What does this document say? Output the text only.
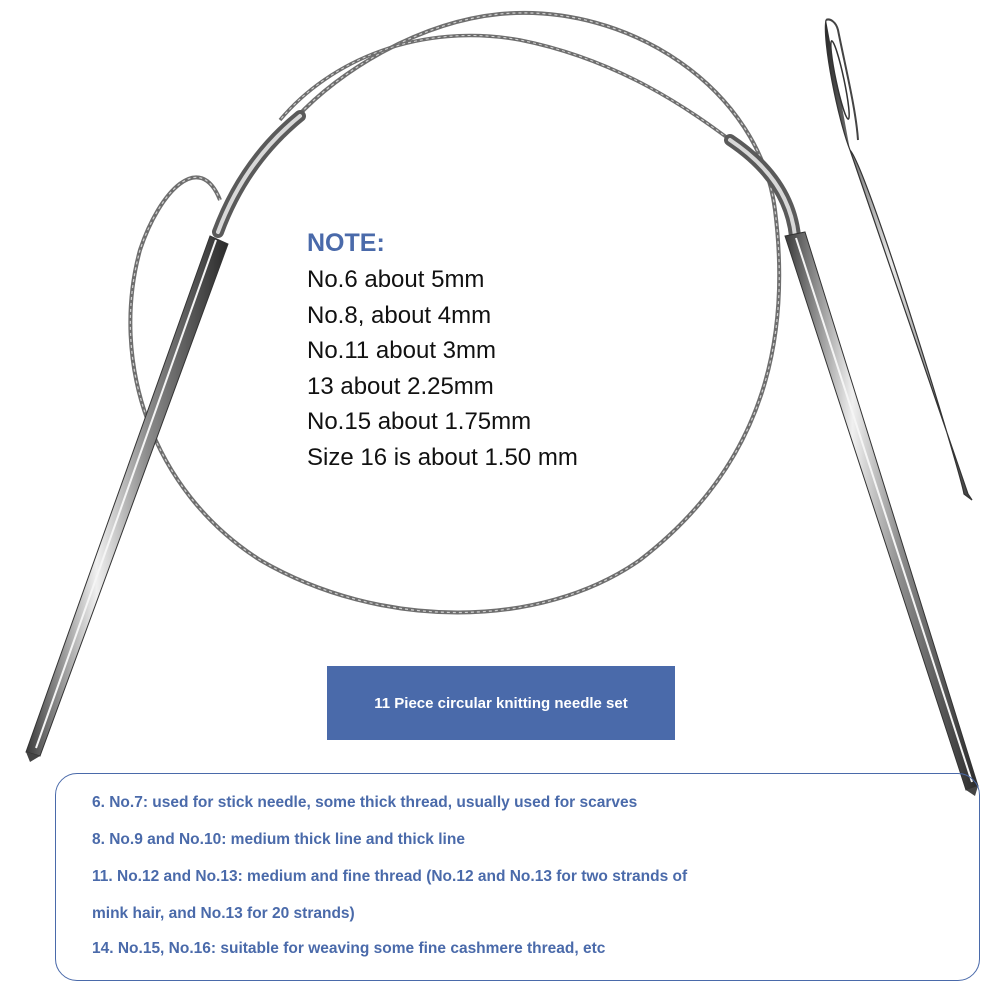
NOTE:
No.6 about 5mm
No.8, about 4mm
No.11 about 3mm
13 about 2.25mm
No.15 about 1.75mm
Size 16 is about 1.50 mm
11 Piece circular knitting needle set
6. No.7: used for stick needle, some thick thread, usually used for scarves
8. No.9 and No.10: medium thick line and thick line
11. No.12 and No.13: medium and fine thread (No.12 and No.13 for two strands of
mink hair, and No.13 for 20 strands)
14. No.15, No.16: suitable for weaving some fine cashmere thread, etc
